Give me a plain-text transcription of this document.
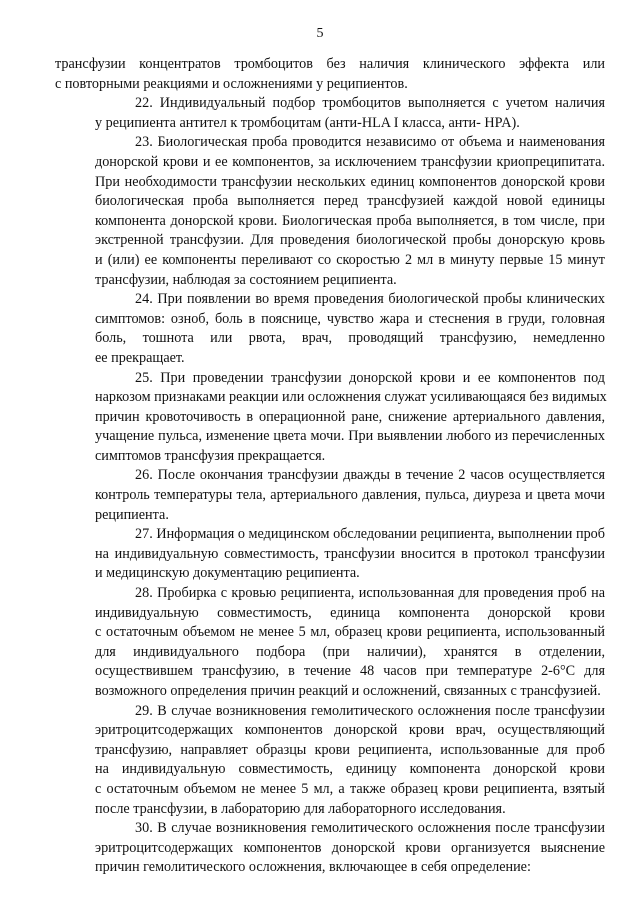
5
трансфузии концентратов тромбоцитов без наличия клинического эффекта или
с повторными реакциями и осложнениями у реципиентов.
22. Индивидуальный подбор тромбоцитов выполняется с учетом наличия
у реципиента антител к тромбоцитам (анти-HLA I класса, анти- HPA).
23. Биологическая проба проводится независимо от объема и наименования
донорской крови и ее компонентов, за исключением трансфузии криопреципитата.
При необходимости трансфузии нескольких единиц компонентов донорской крови
биологическая проба выполняется перед трансфузией каждой новой единицы
компонента донорской крови. Биологическая проба выполняется, в том числе, при
экстренной трансфузии. Для проведения биологической пробы донорскую кровь
и (или) ее компоненты переливают со скоростью 2 мл в минуту первые 15 минут
трансфузии, наблюдая за состоянием реципиента.
24. При появлении во время проведения биологической пробы клинических
симптомов: озноб, боль в пояснице, чувство жара и стеснения в груди, головная
боль, тошнота или рвота, врач, проводящий трансфузию, немедленно
ее прекращает.
25. При проведении трансфузии донорской крови и ее компонентов под
наркозом признаками реакции или осложнения служат усиливающаяся без видимых
причин кровоточивость в операционной ране, снижение артериального давления,
учащение пульса, изменение цвета мочи. При выявлении любого из перечисленных
симптомов трансфузия прекращается.
26. После окончания трансфузии дважды в течение 2 часов осуществляется
контроль температуры тела, артериального давления, пульса, диуреза и цвета мочи
реципиента.
27. Информация о медицинском обследовании реципиента, выполнении проб
на индивидуальную совместимость, трансфузии вносится в протокол трансфузии
и медицинскую документацию реципиента.
28. Пробирка с кровью реципиента, использованная для проведения проб на
индивидуальную совместимость, единица компонента донорской крови
с остаточным объемом не менее 5 мл, образец крови реципиента, использованный
для индивидуального подбора (при наличии), хранятся в отделении,
осуществившем трансфузию, в течение 48 часов при температуре 2-6°C для
возможного определения причин реакций и осложнений, связанных с трансфузией.
29. В случае возникновения гемолитического осложнения после трансфузии
эритроцитсодержащих компонентов донорской крови врач, осуществляющий
трансфузию, направляет образцы крови реципиента, использованные для проб
на индивидуальную совместимость, единицу компонента донорской крови
с остаточным объемом не менее 5 мл, а также образец крови реципиента, взятый
после трансфузии, в лабораторию для лабораторного исследования.
30. В случае возникновения гемолитического осложнения после трансфузии
эритроцитсодержащих компонентов донорской крови организуется выяснение
причин гемолитического осложнения, включающее в себя определение:
